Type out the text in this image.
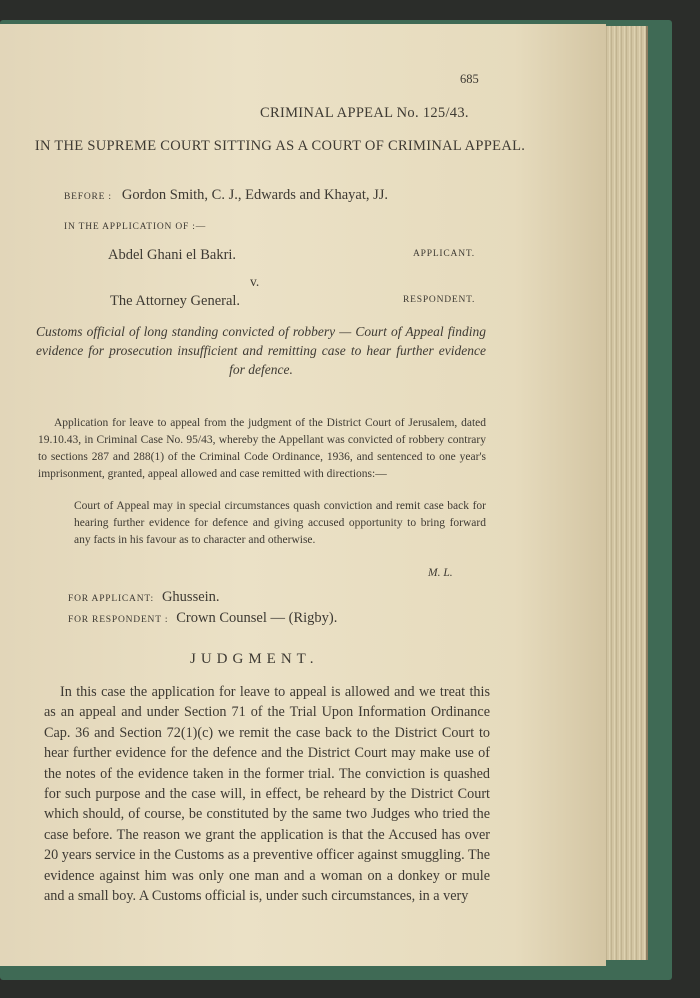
685
CRIMINAL APPEAL No. 125/43.
IN THE SUPREME COURT SITTING AS A COURT OF CRIMINAL APPEAL.
BEFORE : Gordon Smith, C. J., Edwards and Khayat, JJ.
IN THE APPLICATION OF :—
Abdel Ghani el Bakri.	APPLICANT.
v.
The Attorney General.	RESPONDENT.
Customs official of long standing convicted of robbery — Court of Appeal finding evidence for prosecution insufficient and remitting case to hear further evidence for defence.
Application for leave to appeal from the judgment of the District Court of Jerusalem, dated 19.10.43, in Criminal Case No. 95/43, whereby the Appellant was convicted of robbery contrary to sections 287 and 288(1) of the Criminal Code Ordinance, 1936, and sentenced to one year's imprisonment, granted, appeal allowed and case remitted with directions:—
Court of Appeal may in special circumstances quash conviction and remit case back for hearing further evidence for defence and giving accused opportunity to bring forward any facts in his favour as to character and otherwise.
M. L.
FOR APPLICANT: Ghussein.
FOR RESPONDENT : Crown Counsel — (Rigby).
JUDGMENT.
In this case the application for leave to appeal is allowed and we treat this as an appeal and under Section 71 of the Trial Upon Information Ordinance Cap. 36 and Section 72(1)(c) we remit the case back to the District Court to hear further evidence for the defence and the District Court may make use of the notes of the evidence taken in the former trial. The conviction is quashed for such purpose and the case will, in effect, be reheard by the District Court which should, of course, be constituted by the same two Judges who tried the case before. The reason we grant the application is that the Accused has over 20 years service in the Customs as a preventive officer against smuggling. The evidence against him was only one man and a woman on a donkey or mule and a small boy. A Customs official is, under such circumstances, in a very
